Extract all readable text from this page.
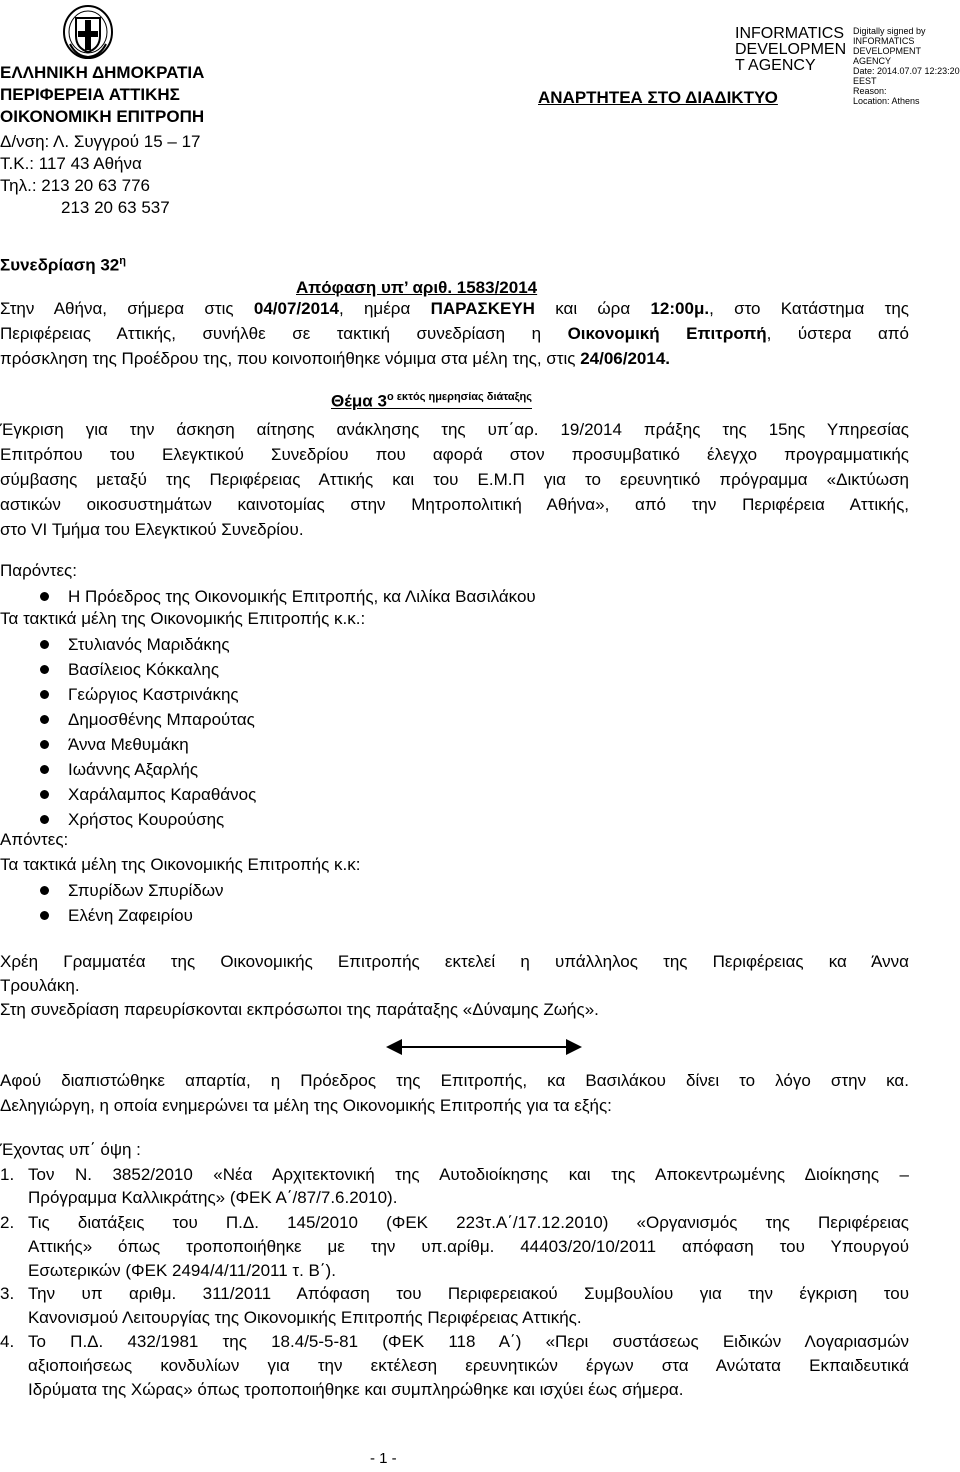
ΕΛΛΗΝΙΚΗ ΔΗΜΟΚΡΑΤΙΑ
ΠΕΡΙΦΕΡΕΙΑ ΑΤΤΙΚΗΣ
ΟΙΚΟΝΟΜΙΚΗ ΕΠΙΤΡΟΠΗ
Δ/νση: Λ. Συγγρού 15 – 17
Τ.Κ.: 117 43 Αθήνα
Τηλ.: 213 20 63 776
213 20 63 537
INFORMATICS
DEVELOPMEN
T AGENCY
Digitally signed by
INFORMATICS
DEVELOPMENT AGENCY
Date: 2014.07.07 12:23:20
EEST
Reason:
Location: Athens
ΑΝΑΡΤΗΤΕΑ ΣΤΟ ΔΙΑΔΙΚΤΥΟ
Συνεδρίαση $32^\eta$
Απόφαση υπ’ αριθ. 1583/2014
Στην Αθήνα, σήμερα στις 04/07/2014, ημέρα ΠΑΡΑΣΚΕΥΗ και ώρα 12:00μ., στο Κατάστημα της
Περιφέρειας Αττικής, συνήλθε σε τακτική συνεδρίαση η Οικονομική Επιτροπή, ύστερα από
πρόσκληση της Προέδρου της, που κοινοποιήθηκε νόμιμα στα μέλη της, στις 24/06/2014.
Θέμα $3^{o \varepsilon\kappa\tau ό\varsigma \eta\mu\varepsilon\rho\eta\sigma ί\alpha\varsigma \delta\iota ά\tau\alpha\xi\eta\varsigma}$
Έγκριση για την άσκηση αίτησης ανάκλησης της υπ΄αρ. 19/2014 πράξης της 15ης Υπηρεσίας
Επιτρόπου του Ελεγκτικού Συνεδρίου που αφορά στον προσυμβατικό έλεγχο προγραμματικής
σύμβασης μεταξύ της Περιφέρειας Αττικής και του Ε.Μ.Π για το ερευνητικό πρόγραμμα «Δικτύωση
αστικών οικοσυστημάτων καινοτομίας στην Μητροπολιτική Αθήνα», από την Περιφέρεια Αττικής,
στο VI Τμήμα του Ελεγκτικού Συνεδρίου.
Παρόντες:
Η Πρόεδρος της Οικονομικής Επιτροπής, κα Λιλίκα Βασιλάκου
Τα τακτικά μέλη της Οικονομικής Επιτροπής κ.κ.:
Στυλιανός Μαριδάκης
Βασίλειος Κόκκαλης
Γεώργιος Καστρινάκης
Δημοσθένης Μπαρούτας
Άννα Μεθυμάκη
Ιωάννης Αξαρλής
Χαράλαμπος Καραθάνος
Χρήστος Κουρούσης
Απόντες:
Τα τακτικά μέλη της Οικονομικής Επιτροπής κ.κ:
Σπυρίδων Σπυρίδων
Ελένη Ζαφειρίου
Χρέη Γραμματέα της Οικονομικής Επιτροπής εκτελεί η υπάλληλος της Περιφέρειας κα Άννα
Τρουλάκη.
Στη συνεδρίαση παρευρίσκονται εκπρόσωποι της παράταξης «Δύναμης Ζωής».
Αφού διαπιστώθηκε απαρτία, η Πρόεδρος της Επιτροπής, κα Βασιλάκου δίνει το λόγο στην κα.
Δεληγιώργη, η οποία ενημερώνει τα μέλη της Οικονομικής Επιτροπής για τα εξής:
Έχοντας υπ΄ όψη :
1. Τον Ν. 3852/2010 «Νέα Αρχιτεκτονική της Αυτοδιοίκησης και της Αποκεντρωμένης Διοίκησης –
Πρόγραμμα Καλλικράτης» (ΦΕΚ Α΄/87/7.6.2010).
2. Τις διατάξεις του Π.Δ. 145/2010 (ΦΕΚ 223τ.Α΄/17.12.2010) «Οργανισμός της Περιφέρειας
Αττικής» όπως τροποποιήθηκε με την υπ.αρίθμ. 44403/20/10/2011 απόφαση του Υπουργού
Εσωτερικών (ΦΕΚ 2494/4/11/2011 τ. Β΄).
3. Την υπ αριθμ. 311/2011 Απόφαση του Περιφερειακού Συμβουλίου για την έγκριση του
Κανονισμού Λειτουργίας της Οικονομικής Επιτροπής Περιφέρειας Αττικής.
4. Το Π.Δ. 432/1981 της 18.4/5-5-81 (ΦΕΚ 118 Α΄) «Περι συστάσεως Ειδικών Λογαριασμών
αξιοποιήσεως κονδυλίων για την εκτέλεση ερευνητικών έργων στα Ανώτατα Εκπαιδευτικά
Ιδρύματα της Χώρας» όπως τροποποιήθηκε και συμπληρώθηκε και ισχύει έως σήμερα.
- 1 -
